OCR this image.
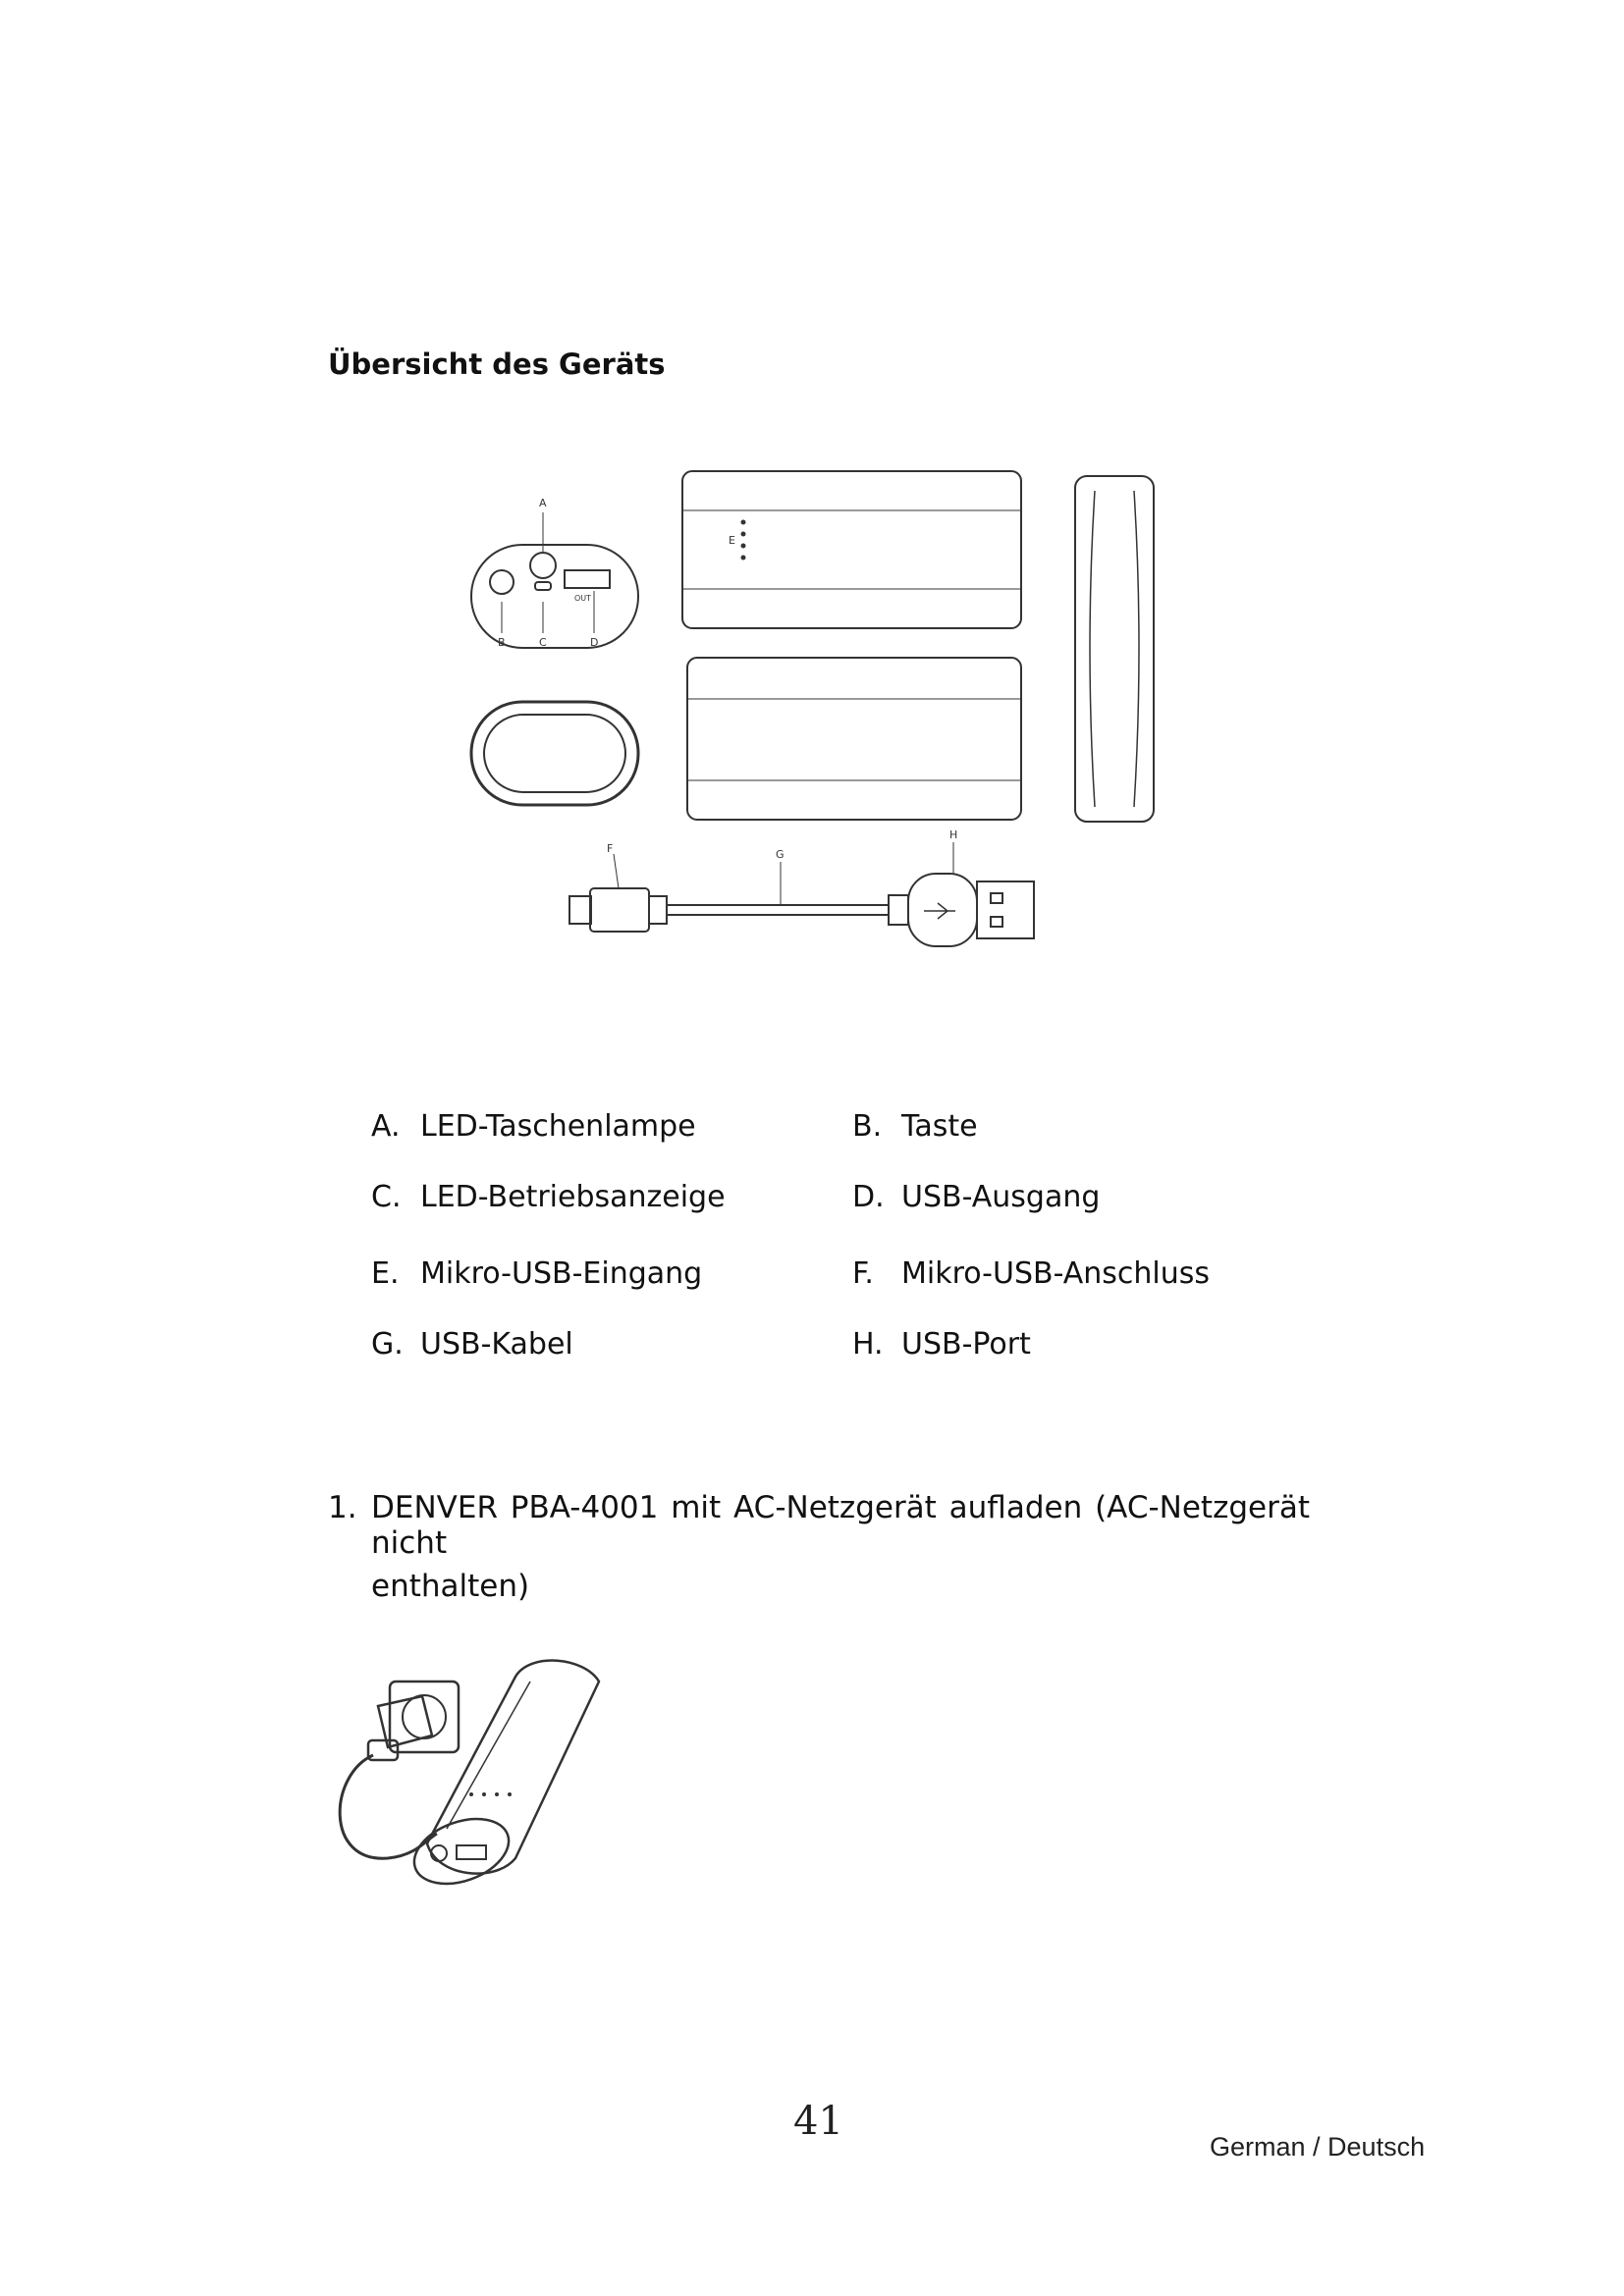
Übersicht des Geräts
A
B	C	D
E
F	G
H
OUT
A. LED-Taschenlampe	B. Taste
C. LED-Betriebsanzeige	D. USB-Ausgang
E. Mikro-USB-Eingang	F. Mikro-USB-Anschluss
G. USB-Kabel	H. USB-Port
1. DENVER PBA-4001 mit AC-Netzgerät aufladen (AC-Netzgerät nicht
enthalten)
41
German / Deutsch
